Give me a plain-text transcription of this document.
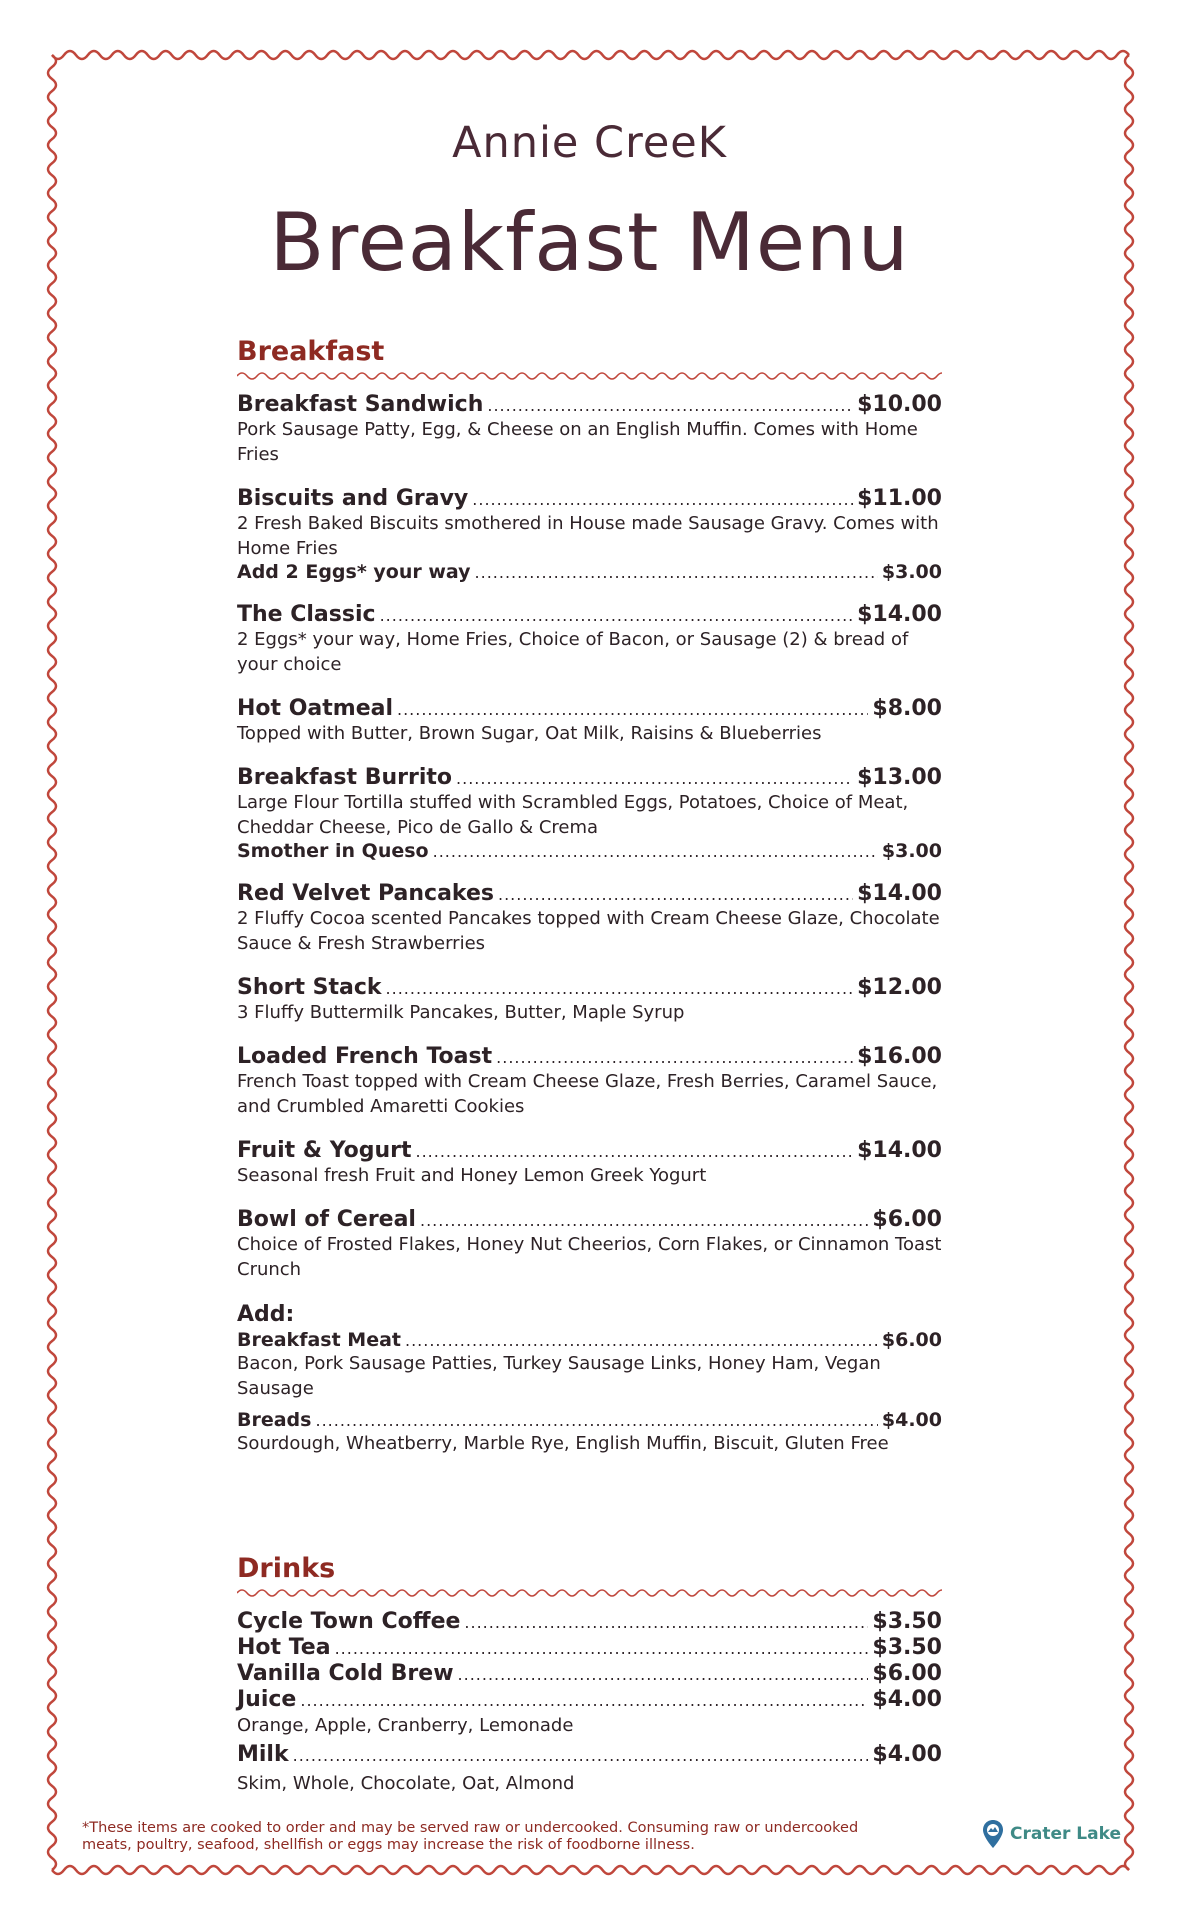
Annie CreeK
Breakfast Menu
Breakfast
Breakfast Sandwich .....	$10.00
Pork Sausage Patty, Egg, & Cheese on an English Muffin. Comes with Home Fries
Biscuits and Gravy .....	$11.00
2 Fresh Baked Biscuits smothered in House made Sausage Gravy. Comes with Home Fries
Add 2 Eggs* your way .....	$3.00
The Classic .....	$14.00
2 Eggs* your way, Home Fries, Choice of Bacon, or Sausage (2) & bread of your choice
Hot Oatmeal .....	$8.00
Topped with Butter, Brown Sugar, Oat Milk, Raisins & Blueberries
Breakfast Burrito .....	$13.00
Large Flour Tortilla stuffed with Scrambled Eggs, Potatoes, Choice of Meat, Cheddar Cheese, Pico de Gallo & Crema
Smother in Queso .....	$3.00
Red Velvet Pancakes .....	$14.00
2 Fluffy Cocoa scented Pancakes topped with Cream Cheese Glaze, Chocolate Sauce & Fresh Strawberries
Short Stack .....	$12.00
3 Fluffy Buttermilk Pancakes, Butter, Maple Syrup
Loaded French Toast .....	$16.00
French Toast topped with Cream Cheese Glaze, Fresh Berries, Caramel Sauce, and Crumbled Amaretti Cookies
Fruit & Yogurt .....	$14.00
Seasonal fresh Fruit and Honey Lemon Greek Yogurt
Bowl of Cereal .....	$6.00
Choice of Frosted Flakes, Honey Nut Cheerios, Corn Flakes, or Cinnamon Toast Crunch
Add:
Breakfast Meat .....	$6.00
Bacon, Pork Sausage Patties, Turkey Sausage Links, Honey Ham, Vegan Sausage
Breads .....	$4.00
Sourdough, Wheatberry, Marble Rye, English Muffin, Biscuit, Gluten Free
Drinks
Cycle Town Coffee .....	$3.50
Hot Tea .....	$3.50
Vanilla Cold Brew .....	$6.00
Juice .....	$4.00
Orange, Apple, Cranberry, Lemonade
Milk .....	$4.00
Skim, Whole, Chocolate, Oat, Almond
*These items are cooked to order and may be served raw or undercooked. Consuming raw or undercooked meats, poultry, seafood, shellfish or eggs may increase the risk of foodborne illness.
Crater Lake
